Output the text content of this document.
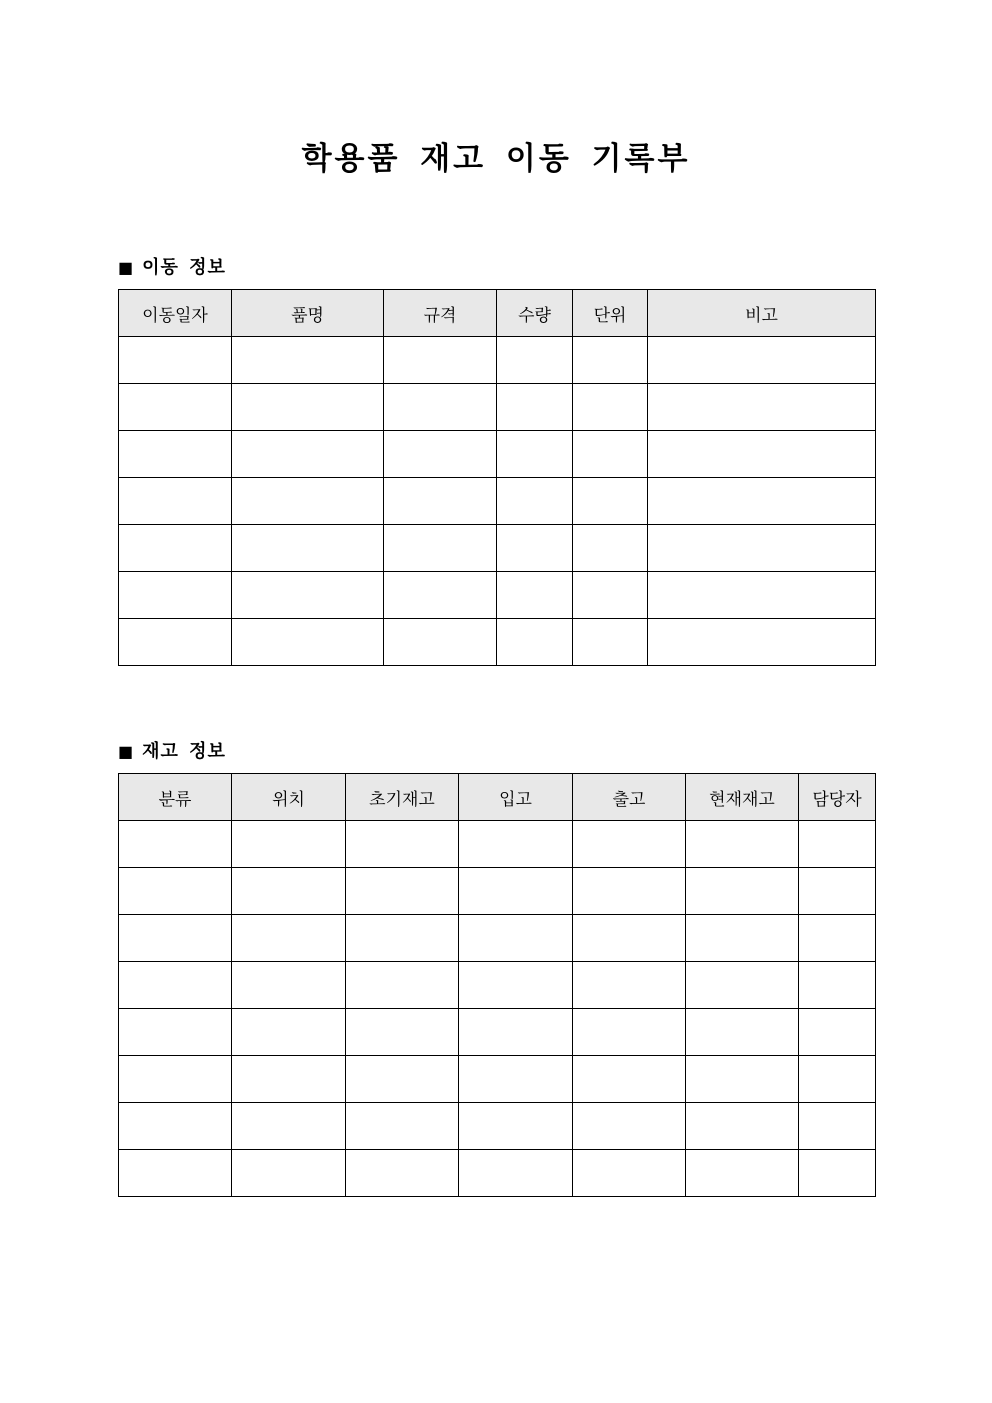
학용품 재고 이동 기록부
■ 이동 정보
이동일자	품명	규격	수량	단위	비고

■ 재고 정보
분류	위치	초기재고	입고	출고	현재재고	담당자
